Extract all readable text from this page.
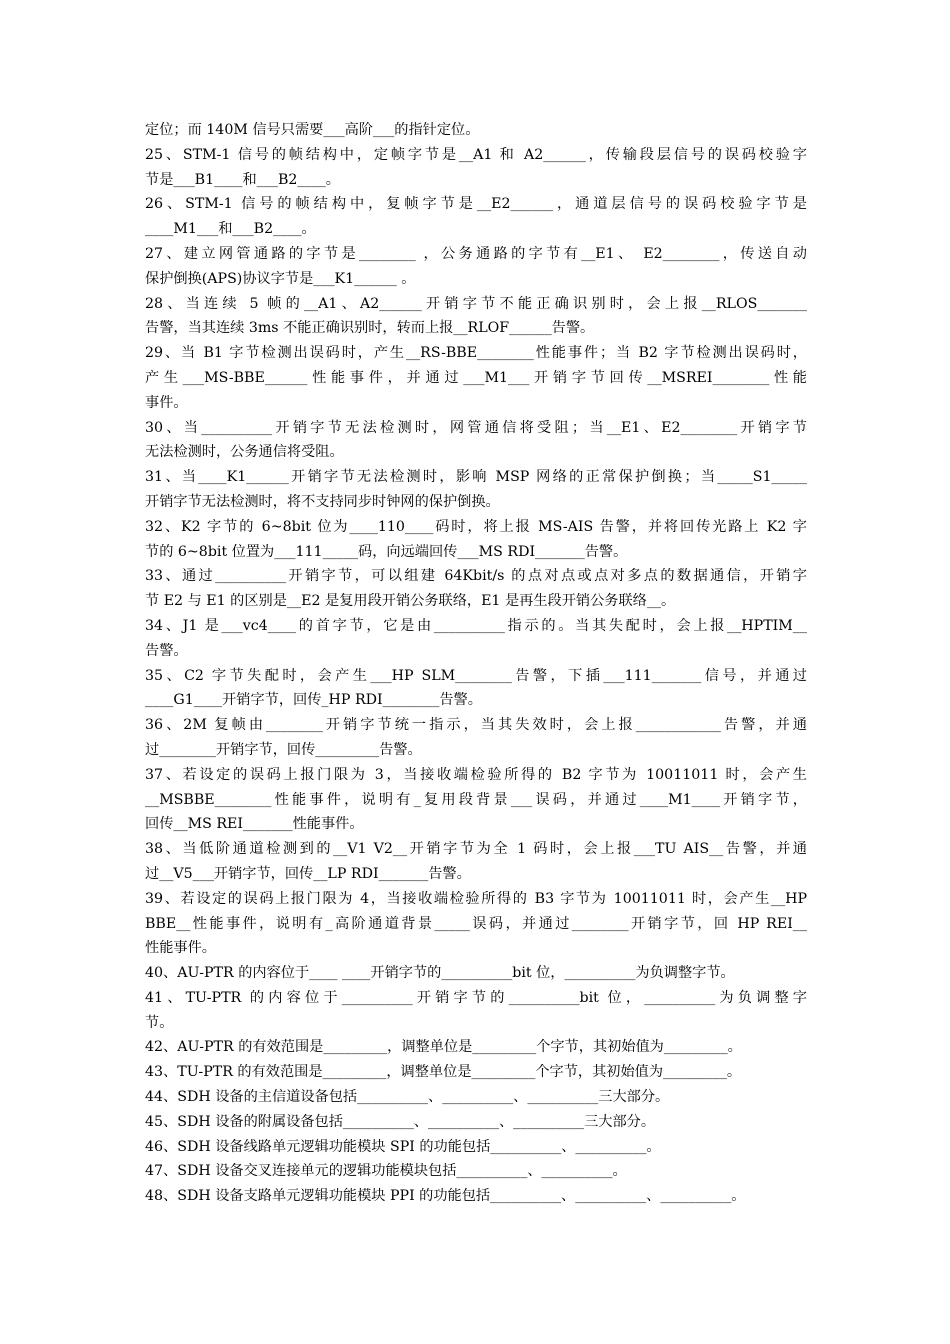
定位；而 140M 信号只需要___高阶___的指针定位。
25、STM-1 信号的帧结构中，定帧字节是__A1 和 A2______，传输段层信号的误码校验字
节是___B1____和___B2____。
26、STM-1 信号的帧结构中，复帧字节是__E2______，通道层信号的误码校验字节是
____M1___和___B2____。
27、建立网管通路的字节是________ ，公务通路的字节有__E1、 E2________，传送自动
保护倒换(APS)协议字节是___K1______ 。
28、当连续 5 帧的__A1、A2______开销字节不能正确识别时，会上报__RLOS_______
告警，当其连续 3ms 不能正确识别时，转而上报__RLOF______告警。
29、当 B1 字节检测出误码时，产生__RS-BBE________性能事件；当 B2 字节检测出误码时，
产生___MS-BBE______性能事件，并通过___M1___开销字节回传__MSREI________性能
事件。
30、当__________开销字节无法检测时，网管通信将受阻；当__E1、E2________开销字节
无法检测时，公务通信将受阻。
31、当____K1______开销字节无法检测时，影响 MSP 网络的正常保护倒换；当_____S1_____
开销字节无法检测时，将不支持同步时钟网的保护倒换。
32、K2 字节的 6~8bit 位为____110____码时，将上报 MS-AIS 告警，并将回传光路上 K2 字
节的 6~8bit 位置为___111_____码，向远端回传___MS RDI_______告警。
33、通过__________开销字节，可以组建 64Kbit/s 的点对点或点对多点的数据通信，开销字
节 E2 与 E1 的区别是__E2 是复用段开销公务联络，E1 是再生段开销公务联络__。
34、J1 是___vc4____的首字节，它是由__________指示的。当其失配时，会上报__HPTIM__
告警。
35、C2 字节失配时，会产生___HP SLM________告警，下插___111_______信号，并通过
____G1____开销字节，回传_HP RDI________告警。
36、2M 复帧由________开销字节统一指示，当其失效时，会上报____________告警，并通
过________开销字节，回传_________告警。
37、若设定的误码上报门限为 3，当接收端检验所得的 B2 字节为 10011011 时，会产生
__MSBBE________性能事件，说明有_复用段背景___误码，并通过____M1____开销字节，
回传__MS REI_______性能事件。
38、当低阶通道检测到的__V1 V2__开销字节为全 1 码时，会上报___TU AIS__告警，并通
过__V5___开销字节，回传__LP RDI_______告警。
39、若设定的误码上报门限为 4，当接收端检验所得的 B3 字节为 10011011 时，会产生__HP
BBE__性能事件，说明有_高阶通道背景_____误码，并通过________开销字节，回 HP REI__
性能事件。
40、AU-PTR 的内容位于____ ____开销字节的__________bit 位，__________为负调整字节。
41、TU-PTR 的内容位于__________开销字节的__________bit 位，__________为负调整字
节。
42、AU-PTR 的有效范围是_________，调整单位是_________个字节，其初始值为_________。
43、TU-PTR 的有效范围是_________，调整单位是_________个字节，其初始值为_________。
44、SDH 设备的主信道设备包括__________、__________、__________三大部分。
45、SDH 设备的附属设备包括__________、__________、__________三大部分。
46、SDH 设备线路单元逻辑功能模块 SPI 的功能包括__________、__________。
47、SDH 设备交叉连接单元的逻辑功能模块包括__________、__________。
48、SDH 设备支路单元逻辑功能模块 PPI 的功能包括__________、__________、__________。
